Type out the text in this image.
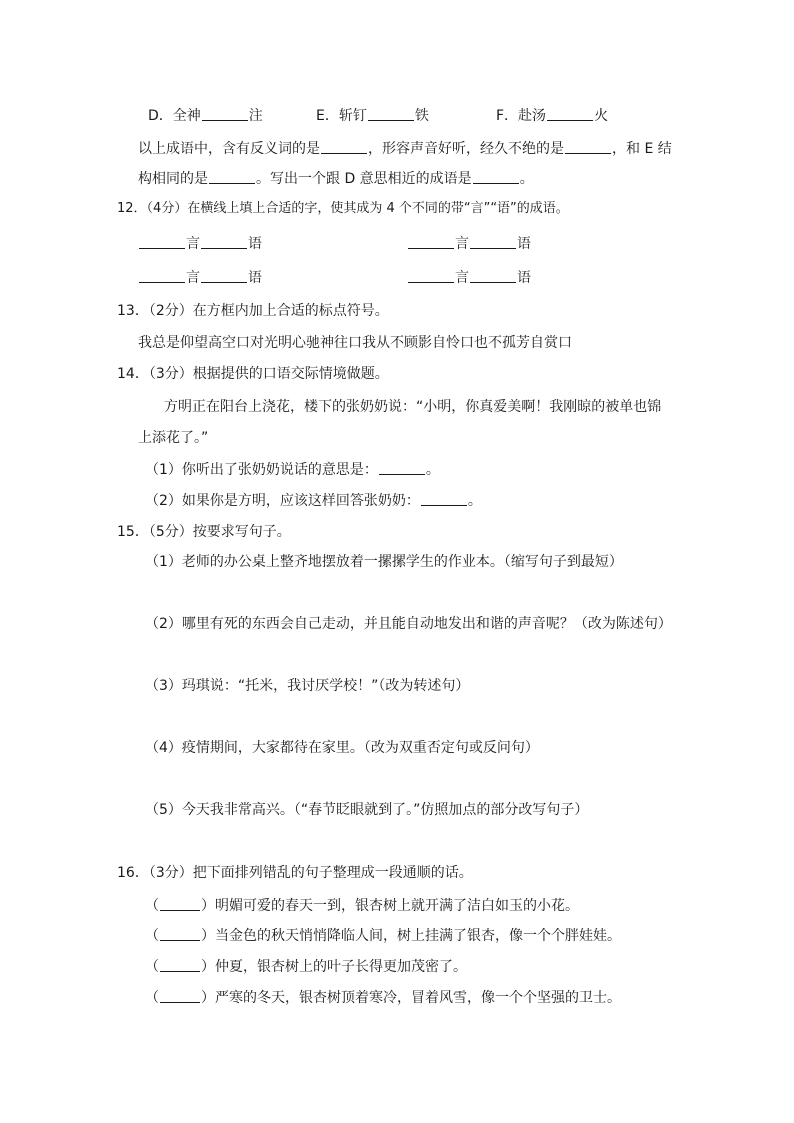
D．全神	注	E．斩钉	铁	F．赴汤	火
以上成语中，含有反义词的是	，形容声音好听，经久不绝的是	，和 E 结
构相同的是	。写出一个跟 D 意思相近的成语是	。
12．（4分）在横线上填上合适的字，使其成为 4 个不同的带“言”“语”的成语。
言	语	言	语
言	语	言	语
13．（2分）在方框内加上合适的标点符号。
我总是仰望高空口对光明心驰神往口我从不顾影自怜口也不孤芳自赏口
14．（3分）根据提供的口语交际情境做题。
方明正在阳台上浇花，楼下的张奶奶说：“小明，你真爱美啊！我刚晾的被单也锦
上添花了。”
（1）你听出了张奶奶说话的意思是：	。
（2）如果你是方明，应该这样回答张奶奶：	。
15．（5分）按要求写句子。
（1）老师的办公桌上整齐地摆放着一摞摞学生的作业本。（缩写句子到最短）
（2）哪里有死的东西会自己走动，并且能自动地发出和谐的声音呢？（改为陈述句）
（3）玛琪说：“托米，我讨厌学校！”（改为转述句）
（4）疫情期间，大家都待在家里。（改为双重否定句或反问句）
（5）今天我非常高兴。（“春节眨眼就到了。”仿照加点的部分改写句子）
16．（3分）把下面排列错乱的句子整理成一段通顺的话。
（	）明媚可爱的春天一到，银杏树上就开满了洁白如玉的小花。
（	）当金色的秋天悄悄降临人间，树上挂满了银杏，像一个个胖娃娃。
（	）仲夏，银杏树上的叶子长得更加茂密了。
（	）严寒的冬天，银杏树顶着寒冷，冒着风雪，像一个个坚强的卫士。
